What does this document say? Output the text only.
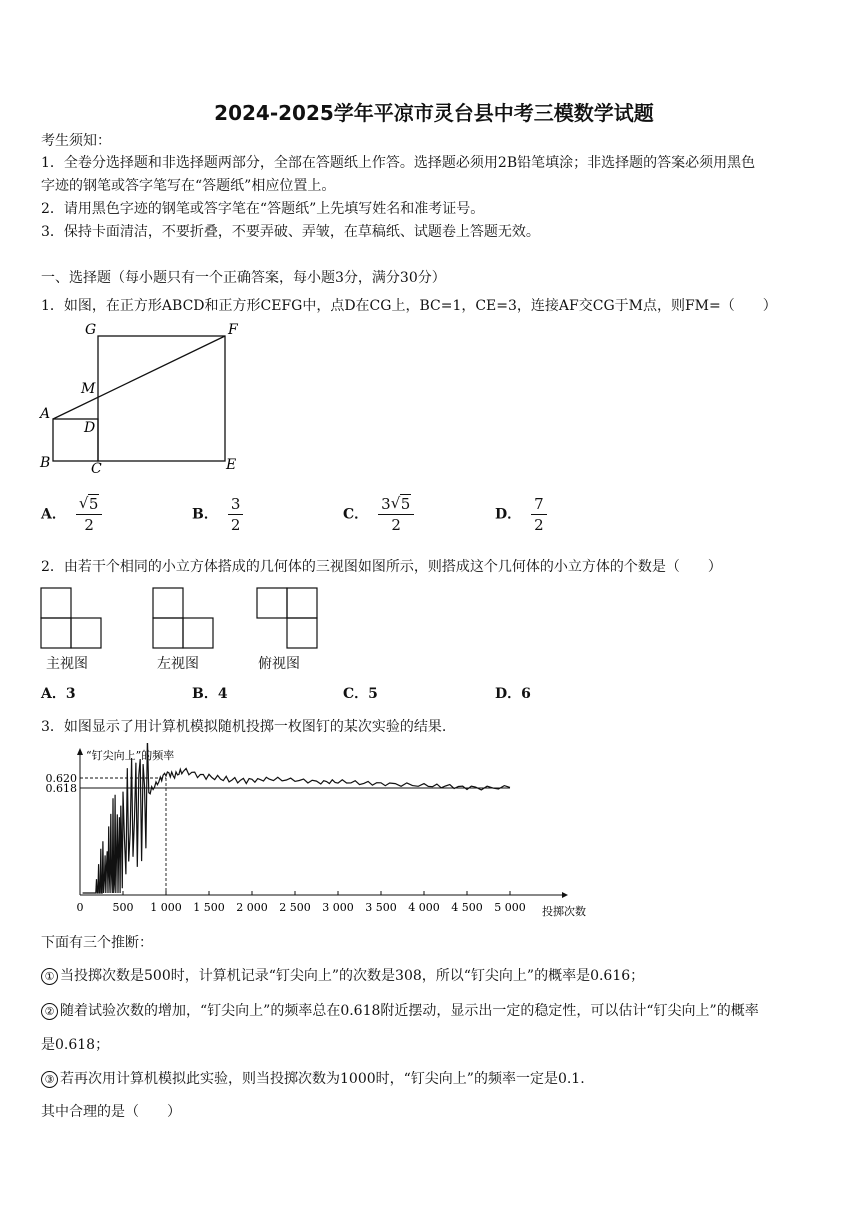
2024-2025学年平凉市灵台县中考三模数学试题
考生须知：
1．全卷分选择题和非选择题两部分，全部在答题纸上作答。选择题必须用2B铅笔填涂；非选择题的答案必须用黑色
字迹的钢笔或答字笔写在“答题纸”相应位置上。
2．请用黑色字迹的钢笔或答字笔在“答题纸”上先填写姓名和准考证号。
3．保持卡面清洁，不要折叠，不要弄破、弄皱，在草稿纸、试题卷上答题无效。
一、选择题（每小题只有一个正确答案，每小题3分，满分30分）
1．如图，在正方形ABCD和正方形CEFG中，点D在CG上，BC=1，CE=3，连接AF交CG于M点，则FM=（　　）
G	F
M
A
D
B	C	E
A． $\frac{√ 5}{2}$	B． $\frac{3}{2}$	C． $\frac{3 √ 5}{2}$	D． $\frac{7}{2}$
2．由若干个相同的小立方体搭成的几何体的三视图如图所示，则搭成这个几何体的小立方体的个数是（　　）
主视图	左视图	俯视图
A．3	B．4	C．5	D．6
3．如图显示了用计算机模拟随机投掷一枚图钉的某次实验的结果.
“钉尖向上”的频率
投掷次数
0	500 1 000 1 500 2 000 2 500 3 000 3 500 4 000 4 500 5 000
0.618
0.620
下面有三个推断：
① 当投掷次数是500时，计算机记录“钉尖向上”的次数是308，所以“钉尖向上”的概率是0.616；
② 随着试验次数的增加，“钉尖向上”的频率总在0.618附近摆动，显示出一定的稳定性，可以估计“钉尖向上”的概率
是0.618；
③ 若再次用计算机模拟此实验，则当投掷次数为1000时，“钉尖向上”的频率一定是0.1.
其中合理的是（　　）
